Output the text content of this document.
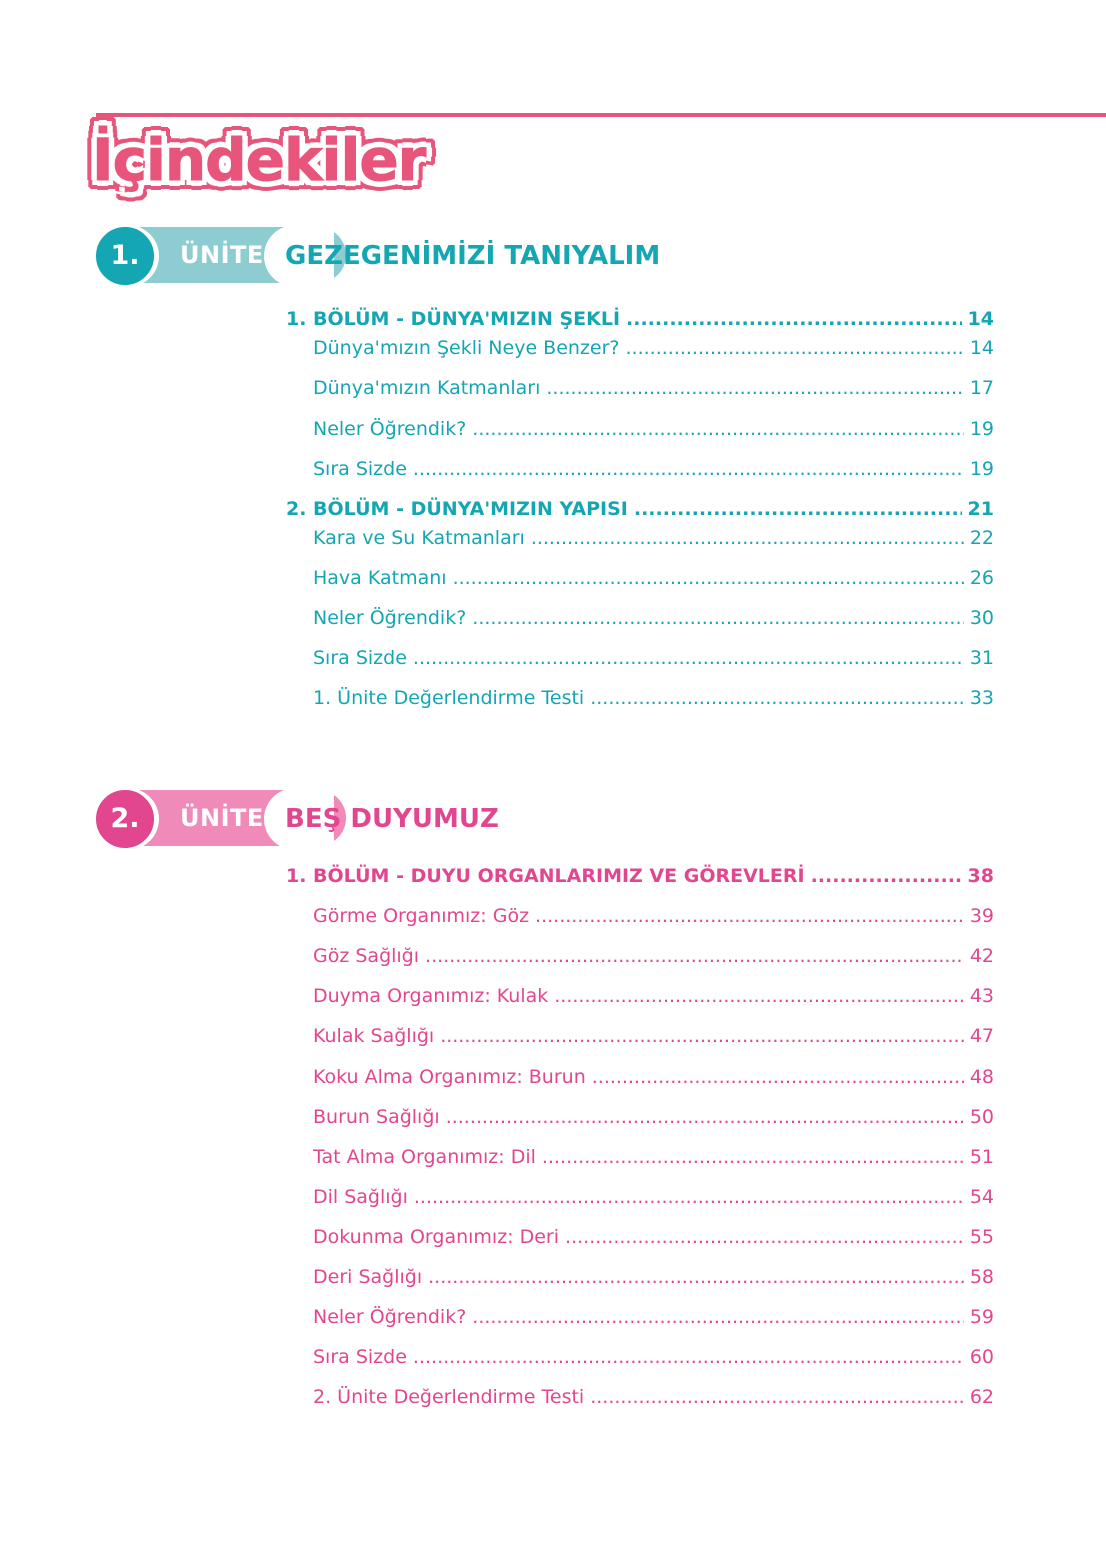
İçindekiler
ÜNİTE
1.	GEZEGENİMİZİ TANIYALIM
1. BÖLÜM - DÜNYA'MIZIN ŞEKLİ .....	14
Dünya'mızın Şekli Neye Benzer? .....	14
Dünya'mızın Katmanları .....	17
Neler Öğrendik? .....	19
Sıra Sizde .....	19
2. BÖLÜM - DÜNYA'MIZIN YAPISI .....	21
Kara ve Su Katmanları .....	22
Hava Katmanı .....	26
Neler Öğrendik? .....	30
Sıra Sizde .....	31
1. Ünite Değerlendirme Testi .....	33
ÜNİTE
2.	BEŞ DUYUMUZ
1. BÖLÜM - DUYU ORGANLARIMIZ VE GÖREVLERİ .....	38
Görme Organımız: Göz .....	39
Göz Sağlığı .....	42
Duyma Organımız: Kulak .....	43
Kulak Sağlığı .....	47
Koku Alma Organımız: Burun .....	48
Burun Sağlığı .....	50
Tat Alma Organımız: Dil .....	51
Dil Sağlığı .....	54
Dokunma Organımız: Deri .....	55
Deri Sağlığı .....	58
Neler Öğrendik? .....	59
Sıra Sizde .....	60
2. Ünite Değerlendirme Testi .....	62
